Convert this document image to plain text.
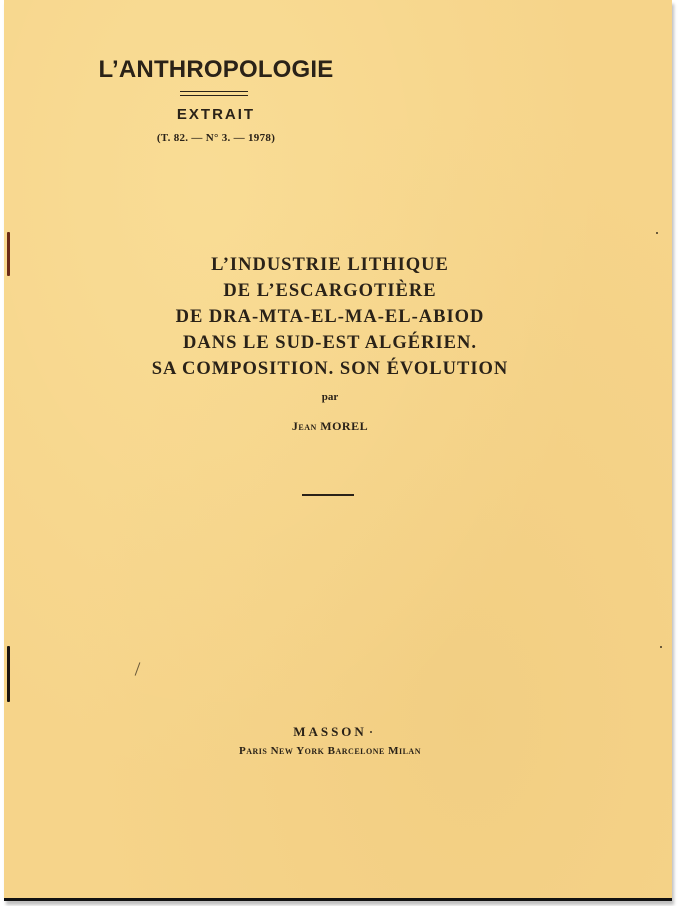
L’ANTHROPOLOGIE
EXTRAIT
(T. 82. — N° 3. — 1978)
L’INDUSTRIE LITHIQUE
DE L’ESCARGOTIÈRE
DE DRA-MTA-EL-MA-EL-ABIOD
DANS LE SUD-EST ALGÉRIEN.
SA COMPOSITION. SON ÉVOLUTION
par
Jean MOREL
MASSON
Paris New York Barcelone Milan
